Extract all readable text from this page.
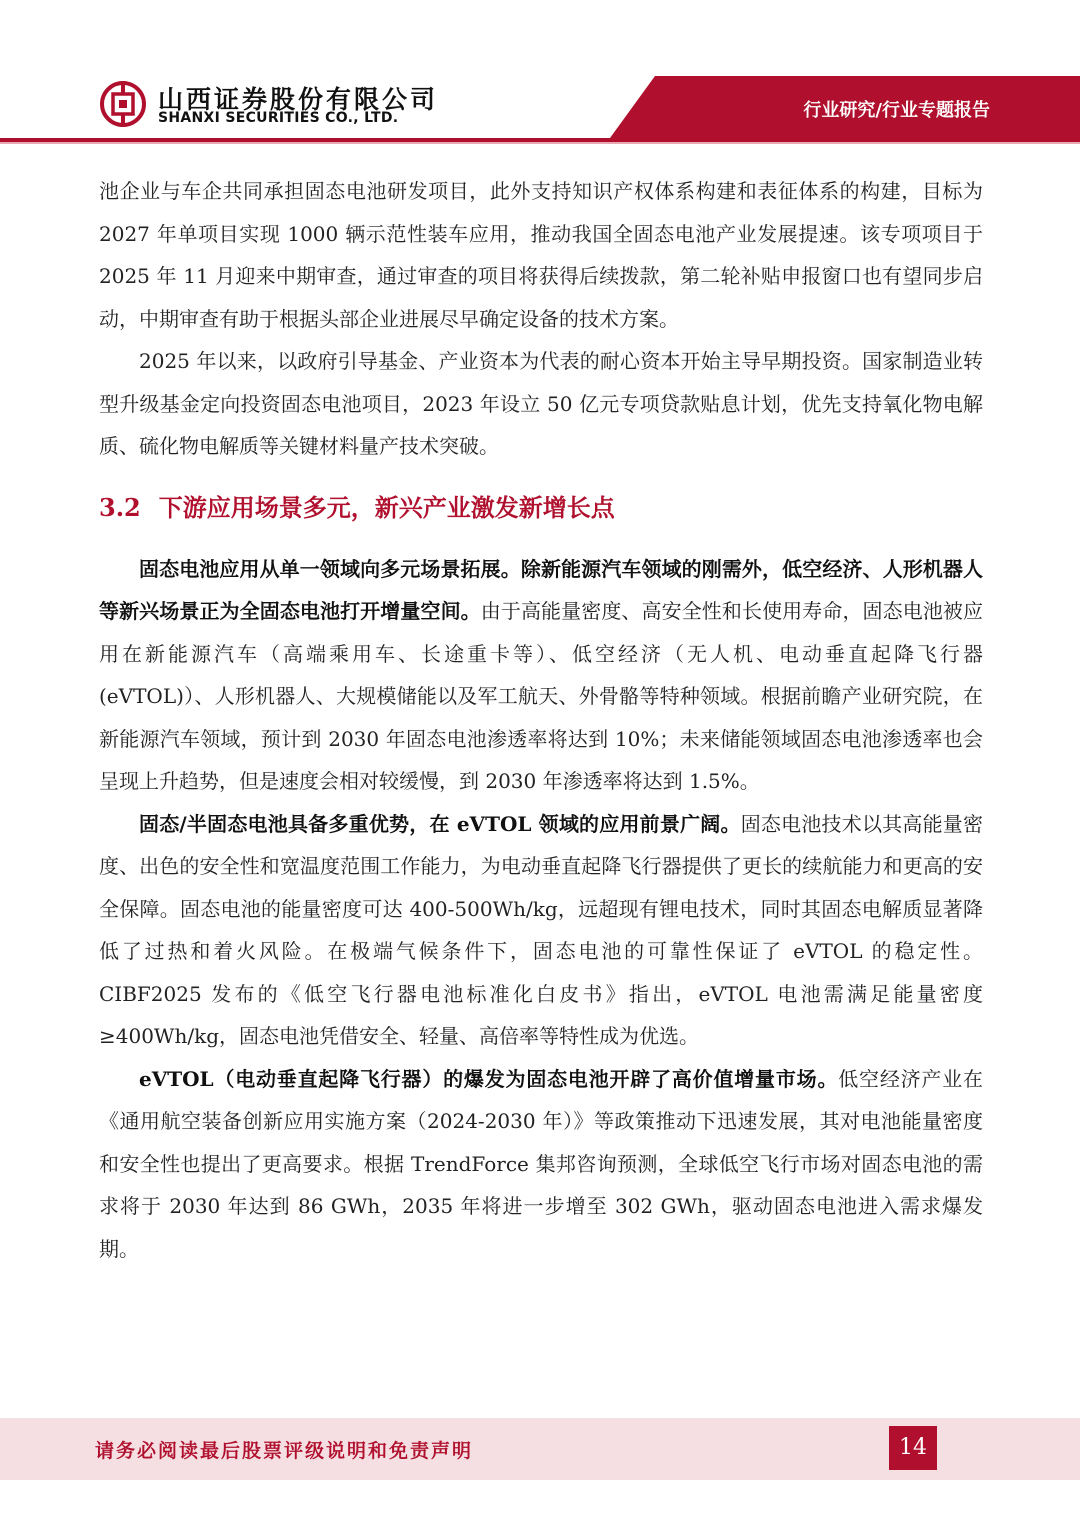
山西证券股份有限公司
SHANXI SECURITIES CO., LTD.	行业研究/行业专题报告

池企业与车企共同承担固态电池研发项目，此外支持知识产权体系构建和表征体系的构建，目标为 2027 年单项目实现 1000 辆示范性装车应用，推动我国全固态电池产业发展提速。该专项项目于 2025 年 11 月迎来中期审查，通过审查的项目将获得后续拨款，第二轮补贴申报窗口也有望同步启动，中期审查有助于根据头部企业进展尽早确定设备的技术方案。

2025 年以来，以政府引导基金、产业资本为代表的耐心资本开始主导早期投资。国家制造业转型升级基金定向投资固态电池项目，2023 年设立 50 亿元专项贷款贴息计划，优先支持氧化物电解质、硫化物电解质等关键材料量产技术突破。

3.2 下游应用场景多元，新兴产业激发新增长点

固态电池应用从单一领域向多元场景拓展。除新能源汽车领域的刚需外，低空经济、人形机器人等新兴场景正为全固态电池打开增量空间。由于高能量密度、高安全性和长使用寿命，固态电池被应用在新能源汽车（高端乘用车、长途重卡等）、低空经济（无人机、电动垂直起降飞行器 (eVTOL)）、人形机器人、大规模储能以及军工航天、外骨骼等特种领域。根据前瞻产业研究院，在新能源汽车领域，预计到 2030 年固态电池渗透率将达到 10%；未来储能领域固态电池渗透率也会呈现上升趋势，但是速度会相对较缓慢，到 2030 年渗透率将达到 1.5%。

固态/半固态电池具备多重优势，在 eVTOL 领域的应用前景广阔。固态电池技术以其高能量密度、出色的安全性和宽温度范围工作能力，为电动垂直起降飞行器提供了更长的续航能力和更高的安全保障。固态电池的能量密度可达 400-500Wh/kg，远超现有锂电技术，同时其固态电解质显著降低了过热和着火风险。在极端气候条件下，固态电池的可靠性保证了 eVTOL 的稳定性。CIBF2025 发布的《低空飞行器电池标准化白皮书》指出，eVTOL 电池需满足能量密度≥400Wh/kg，固态电池凭借安全、轻量、高倍率等特性成为优选。

eVTOL（电动垂直起降飞行器）的爆发为固态电池开辟了高价值增量市场。低空经济产业在《通用航空装备创新应用实施方案（2024-2030 年）》等政策推动下迅速发展，其对电池能量密度和安全性也提出了更高要求。根据 TrendForce 集邦咨询预测，全球低空飞行市场对固态电池的需求将于 2030 年达到 86 GWh，2035 年将进一步增至 302 GWh，驱动固态电池进入需求爆发期。

请务必阅读最后股票评级说明和免责声明	14
